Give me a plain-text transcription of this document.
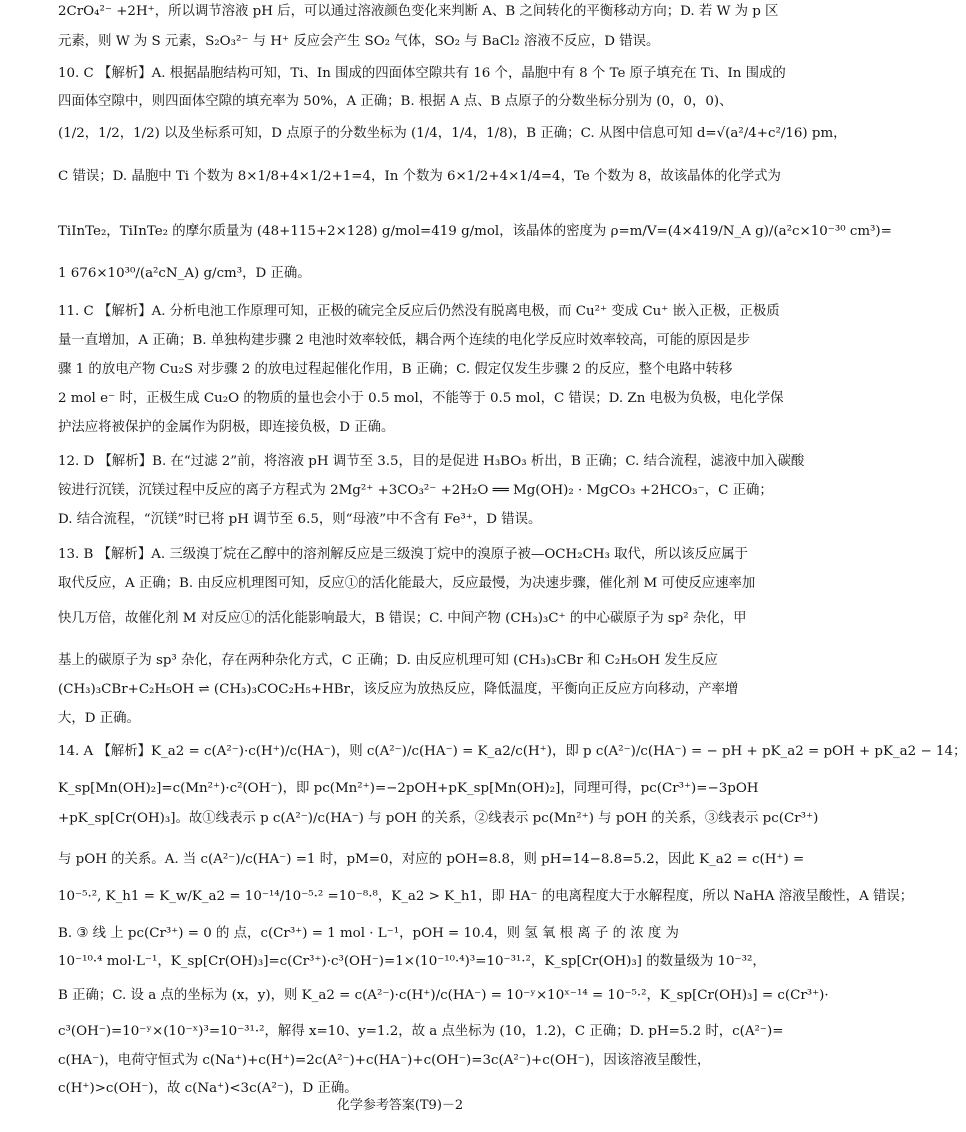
2CrO₄²⁻ +2H⁺，所以调节溶液 pH 后，可以通过溶液颜色变化来判断 A、B 之间转化的平衡移动方向；D. 若 W 为 p 区
元素，则 W 为 S 元素，S₂O₃²⁻ 与 H⁺ 反应会产生 SO₂ 气体，SO₂ 与 BaCl₂ 溶液不反应，D 错误。
10. C 【解析】A. 根据晶胞结构可知，Ti、In 围成的四面体空隙共有 16 个，晶胞中有 8 个 Te 原子填充在 Ti、In 围成的
四面体空隙中，则四面体空隙的填充率为 50%，A 正确；B. 根据 A 点、B 点原子的分数坐标分别为 (0，0，0)、
(1/2，1/2，1/2) 以及坐标系可知，D 点原子的分数坐标为 (1/4，1/4，1/8)，B 正确；C. 从图中信息可知 d=√(a²/4+c²/16) pm，
C 错误；D. 晶胞中 Ti 个数为 8×1/8+4×1/2+1=4，In 个数为 6×1/2+4×1/4=4，Te 个数为 8，故该晶体的化学式为
TiInTe₂，TiInTe₂ 的摩尔质量为 (48+115+2×128) g/mol=419 g/mol，该晶体的密度为 ρ=m/V=(4×419/N_A g)/(a²c×10⁻³⁰ cm³)=
1 676×10³⁰/(a²cN_A) g/cm³，D 正确。
11. C 【解析】A. 分析电池工作原理可知，正极的硫完全反应后仍然没有脱离电极，而 Cu²⁺ 变成 Cu⁺ 嵌入正极，正极质
量一直增加，A 正确；B. 单独构建步骤 2 电池时效率较低，耦合两个连续的电化学反应时效率较高，可能的原因是步
骤 1 的放电产物 Cu₂S 对步骤 2 的放电过程起催化作用，B 正确；C. 假定仅发生步骤 2 的反应，整个电路中转移
2 mol e⁻ 时，正极生成 Cu₂O 的物质的量也会小于 0.5 mol，不能等于 0.5 mol，C 错误；D. Zn 电极为负极，电化学保
护法应将被保护的金属作为阴极，即连接负极，D 正确。
12. D 【解析】B. 在“过滤 2”前，将溶液 pH 调节至 3.5，目的是促进 H₃BO₃ 析出，B 正确；C. 结合流程，滤液中加入碳酸
铵进行沉镁，沉镁过程中反应的离子方程式为 2Mg²⁺ +3CO₃²⁻ +2H₂O ══ Mg(OH)₂ · MgCO₃ +2HCO₃⁻，C 正确；
D. 结合流程，“沉镁”时已将 pH 调节至 6.5，则“母液”中不含有 Fe³⁺，D 错误。
13. B 【解析】A. 三级溴丁烷在乙醇中的溶剂解反应是三级溴丁烷中的溴原子被—OCH₂CH₃ 取代，所以该反应属于
取代反应，A 正确；B. 由反应机理图可知，反应①的活化能最大，反应最慢，为决速步骤，催化剂 M 可使反应速率加
快几万倍，故催化剂 M 对反应①的活化能影响最大，B 错误；C. 中间产物 (CH₃)₃C⁺ 的中心碳原子为 sp² 杂化，甲
基上的碳原子为 sp³ 杂化，存在两种杂化方式，C 正确；D. 由反应机理可知 (CH₃)₃CBr 和 C₂H₅OH 发生反应
(CH₃)₃CBr+C₂H₅OH ⇌ (CH₃)₃COC₂H₅+HBr，该反应为放热反应，降低温度，平衡向正反应方向移动，产率增
大，D 正确。
14. A 【解析】K_a2 = c(A²⁻)·c(H⁺)/c(HA⁻)，则 c(A²⁻)/c(HA⁻) = K_a2/c(H⁺)，即 p c(A²⁻)/c(HA⁻) = − pH + pK_a2 = pOH + pK_a2 − 14；
K_sp[Mn(OH)₂]=c(Mn²⁺)·c²(OH⁻)，即 pc(Mn²⁺)=−2pOH+pK_sp[Mn(OH)₂]，同理可得，pc(Cr³⁺)=−3pOH
+pK_sp[Cr(OH)₃]。故①线表示 p c(A²⁻)/c(HA⁻) 与 pOH 的关系，②线表示 pc(Mn²⁺) 与 pOH 的关系，③线表示 pc(Cr³⁺)
与 pOH 的关系。A. 当 c(A²⁻)/c(HA⁻) =1 时，pM=0，对应的 pOH=8.8，则 pH=14−8.8=5.2，因此 K_a2 = c(H⁺) =
10⁻⁵·², K_h1 = K_w/K_a2 = 10⁻¹⁴/10⁻⁵·² =10⁻⁸·⁸，K_a2 > K_h1，即 HA⁻ 的电离程度大于水解程度，所以 NaHA 溶液呈酸性，A 错误；
B. ③ 线 上 pc(Cr³⁺) = 0 的 点，c(Cr³⁺) = 1 mol · L⁻¹，pOH = 10.4，则 氢 氧 根 离 子 的 浓 度 为
10⁻¹⁰·⁴ mol·L⁻¹，K_sp[Cr(OH)₃]=c(Cr³⁺)·c³(OH⁻)=1×(10⁻¹⁰·⁴)³=10⁻³¹·²，K_sp[Cr(OH)₃] 的数量级为 10⁻³²，
B 正确；C. 设 a 点的坐标为 (x，y)，则 K_a2 = c(A²⁻)·c(H⁺)/c(HA⁻) = 10⁻ʸ×10ˣ⁻¹⁴ = 10⁻⁵·²，K_sp[Cr(OH)₃] = c(Cr³⁺)·
c³(OH⁻)=10⁻ʸ×(10⁻ˣ)³=10⁻³¹·²，解得 x=10、y=1.2，故 a 点坐标为 (10，1.2)，C 正确；D. pH=5.2 时，c(A²⁻)=
c(HA⁻)，电荷守恒式为 c(Na⁺)+c(H⁺)=2c(A²⁻)+c(HA⁻)+c(OH⁻)=3c(A²⁻)+c(OH⁻)，因该溶液呈酸性，
c(H⁺)>c(OH⁻)，故 c(Na⁺)<3c(A²⁻)，D 正确。
化学参考答案(T9)－2
